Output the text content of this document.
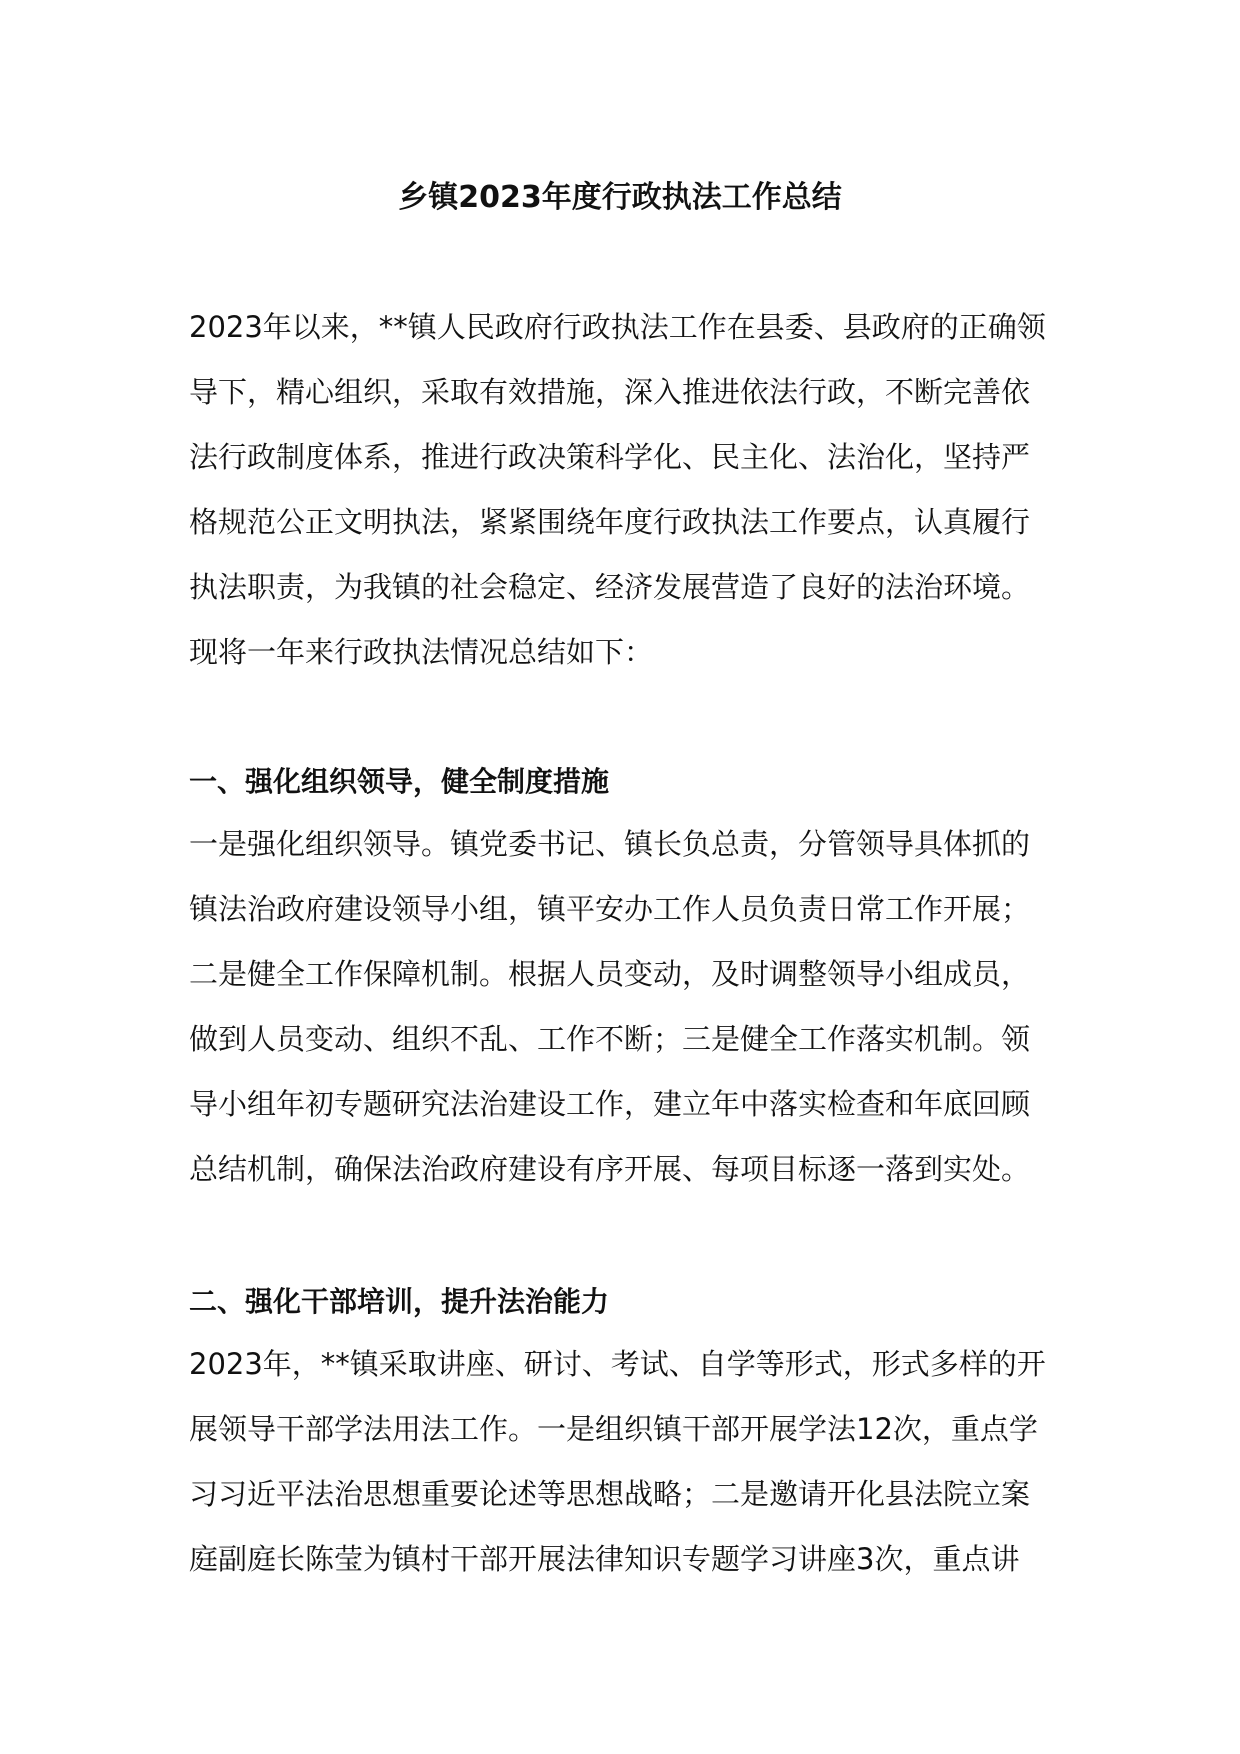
乡镇2023年度行政执法工作总结
2023年以来，**镇人民政府行政执法工作在县委、县政府的正确领
导下，精心组织，采取有效措施，深入推进依法行政，不断完善依
法行政制度体系，推进行政决策科学化、民主化、法治化，坚持严
格规范公正文明执法，紧紧围绕年度行政执法工作要点，认真履行
执法职责，为我镇的社会稳定、经济发展营造了良好的法治环境。
现将一年来行政执法情况总结如下：
一、强化组织领导，健全制度措施
一是强化组织领导。镇党委书记、镇长负总责，分管领导具体抓的
镇法治政府建设领导小组，镇平安办工作人员负责日常工作开展；
二是健全工作保障机制。根据人员变动，及时调整领导小组成员，
做到人员变动、组织不乱、工作不断；三是健全工作落实机制。领
导小组年初专题研究法治建设工作，建立年中落实检查和年底回顾
总结机制，确保法治政府建设有序开展、每项目标逐一落到实处。
二、强化干部培训，提升法治能力
2023年，**镇采取讲座、研讨、考试、自学等形式，形式多样的开
展领导干部学法用法工作。一是组织镇干部开展学法12次，重点学
习习近平法治思想重要论述等思想战略；二是邀请开化县法院立案
庭副庭长陈莹为镇村干部开展法律知识专题学习讲座3次，重点讲
